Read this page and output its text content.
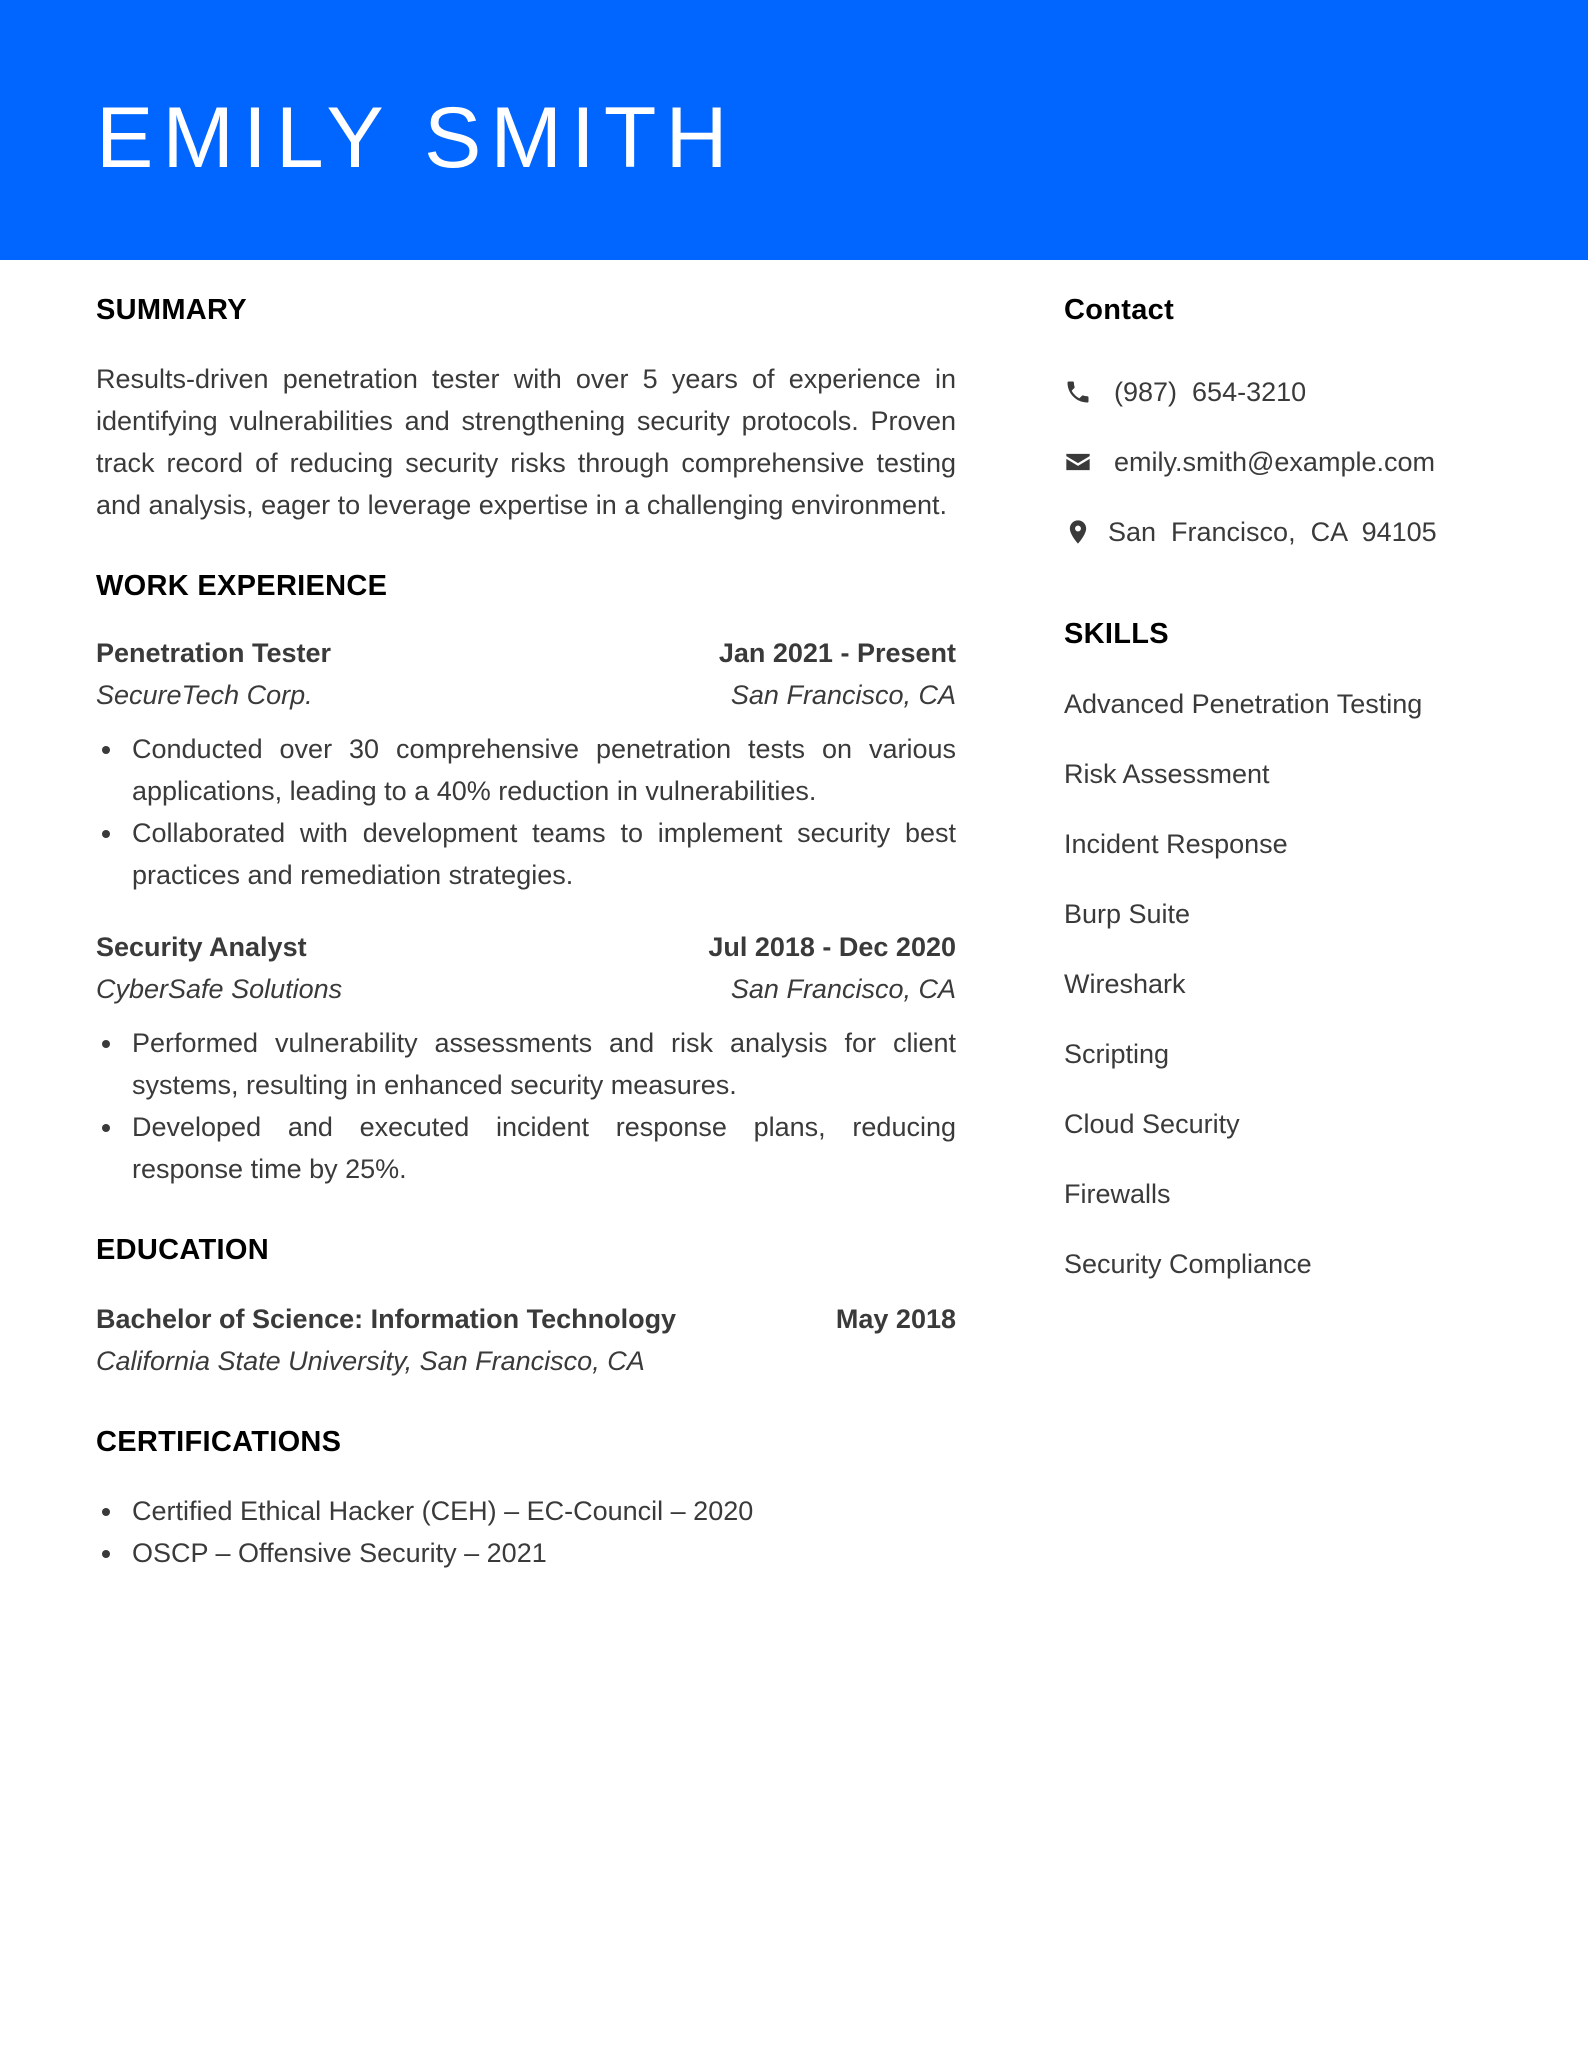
EMILY SMITH
SUMMARY
Results-driven penetration tester with over 5 years of experience in identifying vulnerabilities and strengthening security protocols. Proven track record of reducing security risks through comprehensive testing and analysis, eager to leverage expertise in a challenging environment.
WORK EXPERIENCE
Penetration Tester	Jan 2021 - Present
SecureTech Corp.	San Francisco, CA
Conducted over 30 comprehensive penetration tests on various applications, leading to a 40% reduction in vulnerabilities.
Collaborated with development teams to implement security best practices and remediation strategies.
Security Analyst	Jul 2018 - Dec 2020
CyberSafe Solutions	San Francisco, CA
Performed vulnerability assessments and risk analysis for client systems, resulting in enhanced security measures.
Developed and executed incident response plans, reducing response time by 25%.
EDUCATION
Bachelor of Science: Information Technology	May 2018
California State University, San Francisco, CA
CERTIFICATIONS
Certified Ethical Hacker (CEH) – EC-Council – 2020
OSCP – Offensive Security – 2021
Contact
(987)  654-3210
emily.smith@example.com
San  Francisco,  CA  94105
SKILLS
Advanced Penetration Testing
Risk Assessment
Incident Response
Burp Suite
Wireshark
Scripting
Cloud Security
Firewalls
Security Compliance
